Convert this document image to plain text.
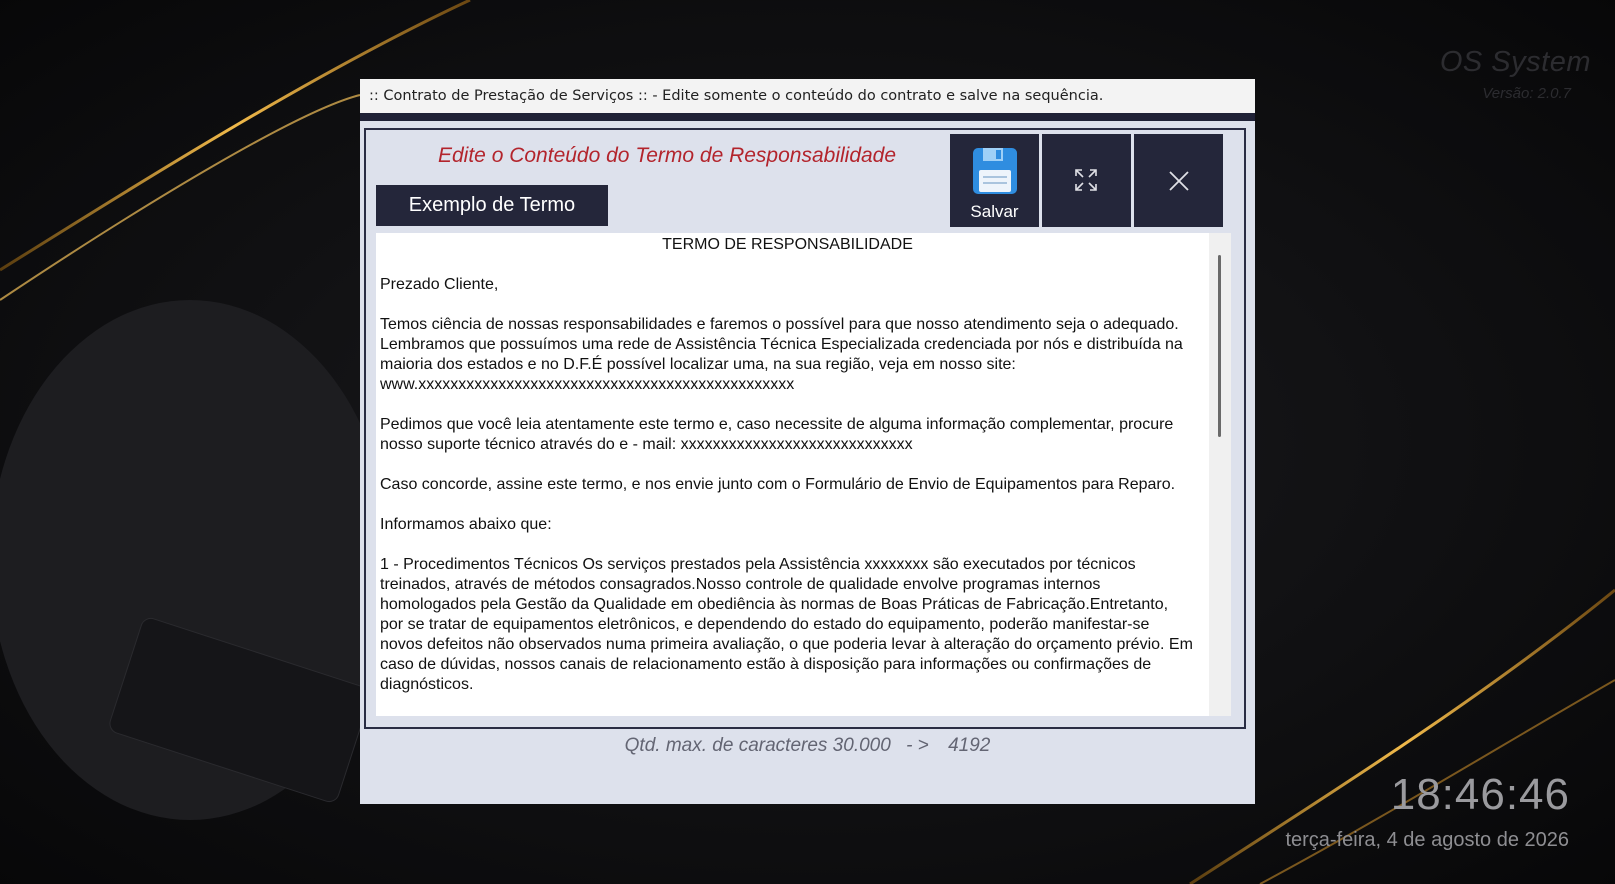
OS System
Versão: 2.0.7
18:46:46
terça-feira, 4 de agosto de 2026
:: Contrato de Prestação de Serviços :: - Edite somente o conteúdo do contrato e salve na sequência.
Edite o Conteúdo do Termo de Responsabilidade
Exemplo de Termo	Salvar
TERMO DE RESPONSABILIDADE

Prezado Cliente,

Temos ciência de nossas responsabilidades e faremos o possível para que nosso atendimento seja o adequado. Lembramos que possuímos uma rede de Assistência Técnica Especializada credenciada por nós e distribuída na maioria dos estados e no D.F.É possível localizar uma, na sua região, veja em nosso site: www.xxxxxxxxxxxxxxxxxxxxxxxxxxxxxxxxxxxxxxxxxxxxxxx

Pedimos que você leia atentamente este termo e, caso necessite de alguma informação complementar, procure nosso suporte técnico através do e - mail: xxxxxxxxxxxxxxxxxxxxxxxxxxxxx

Caso concorde, assine este termo, e nos envie junto com o Formulário de Envio de Equipamentos para Reparo.

Informamos abaixo que:

1 - Procedimentos Técnicos Os serviços prestados pela Assistência xxxxxxxx são executados por técnicos treinados, através de métodos consagrados.Nosso controle de qualidade envolve programas internos homologados pela Gestão da Qualidade em obediência às normas de Boas Práticas de Fabricação.Entretanto, por se tratar de equipamentos eletrônicos, e dependendo do estado do equipamento, poderão manifestar-se novos defeitos não observados numa primeira avaliação, o que poderia levar à alteração do orçamento prévio. Em caso de dúvidas, nossos canais de relacionamento estão à disposição para informações ou confirmações de diagnósticos.

Qtd. max. de caracteres 30.000 - > 4192
